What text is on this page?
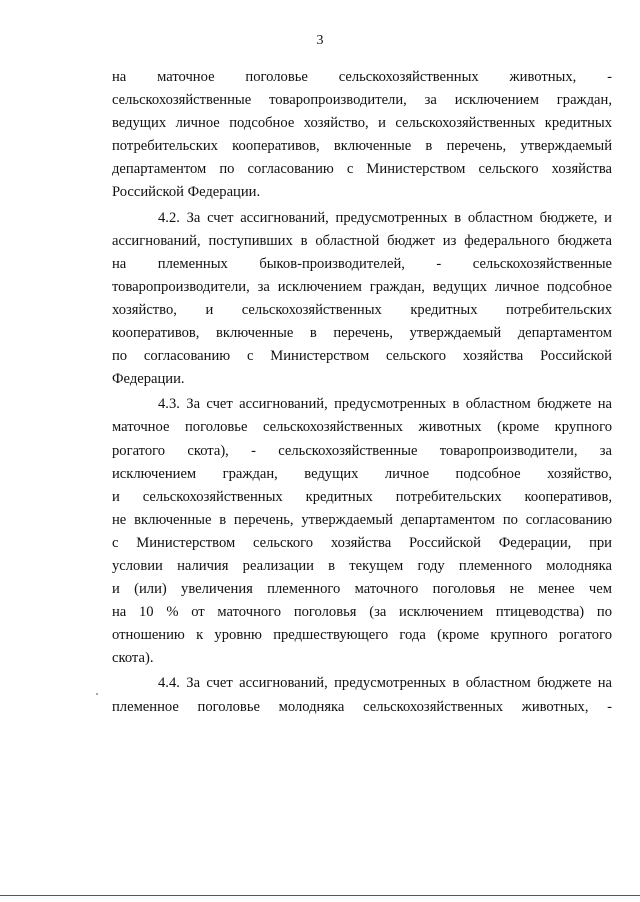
3
на маточное поголовье сельскохозяйственных животных, -
сельскохозяйственные товаропроизводители, за исключением граждан,
ведущих личное подсобное хозяйство, и сельскохозяйственных кредитных
потребительских кооперативов, включенные в перечень, утверждаемый
департаментом по согласованию с Министерством сельского хозяйства
Российской Федерации.
4.2. За счет ассигнований, предусмотренных в областном бюджете, и
ассигнований, поступивших в областной бюджет из федерального бюджета
на племенных быков-производителей, - сельскохозяйственные
товаропроизводители, за исключением граждан, ведущих личное подсобное
хозяйство, и сельскохозяйственных кредитных потребительских
кооперативов, включенные в перечень, утверждаемый департаментом
по согласованию с Министерством сельского хозяйства Российской
Федерации.
4.3. За счет ассигнований, предусмотренных в областном бюджете на
маточное поголовье сельскохозяйственных животных (кроме крупного
рогатого скота), - сельскохозяйственные товаропроизводители, за
исключением граждан, ведущих личное подсобное хозяйство,
и сельскохозяйственных кредитных потребительских кооперативов,
не включенные в перечень, утверждаемый департаментом по согласованию
с Министерством сельского хозяйства Российской Федерации, при
условии наличия реализации в текущем году племенного молодняка
и (или) увеличения племенного маточного поголовья не менее чем
на 10 % от маточного поголовья (за исключением птицеводства) по
отношению к уровню предшествующего года (кроме крупного рогатого
скота).
4.4. За счет ассигнований, предусмотренных в областном бюджете на
племенное поголовье молодняка сельскохозяйственных животных, -
